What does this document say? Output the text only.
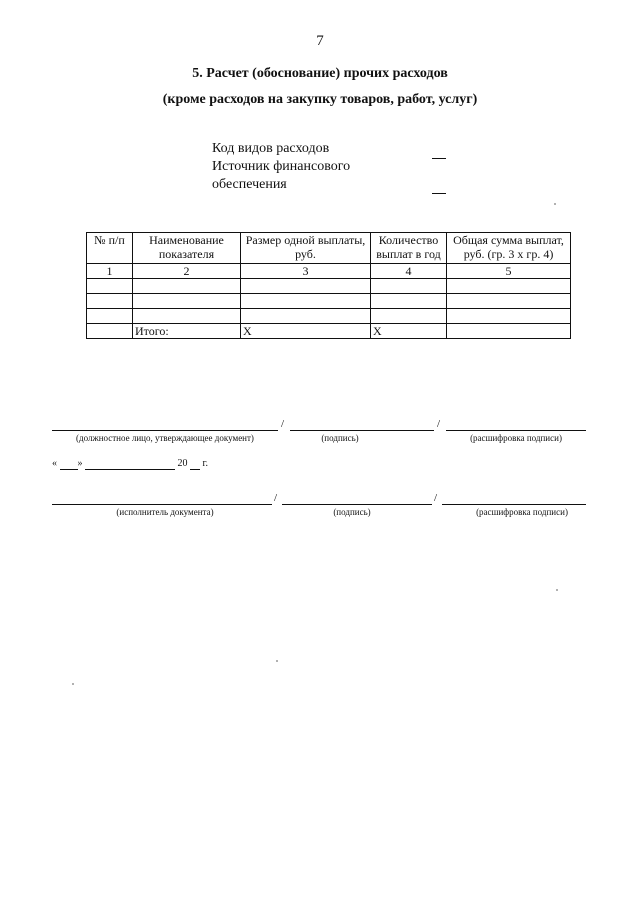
7
5. Расчет (обоснование) прочих расходов
(кроме расходов на закупку товаров, работ, услуг)
Код видов расходов
Источник финансового
обеспечения
№ п/п	Наименование показателя	Размер одной выплаты, руб.	Количество выплат в год	Общая сумма выплат, руб. (гр. 3 х гр. 4)
1	2	3	4	5

	Итого:	X	X	
/	/
(должностное лицо, утверждающее документ)	(подпись)	(расшифровка подписи)
« »	20 г.
/	/
(исполнитель документа)	(подпись)	(расшифровка подписи)
